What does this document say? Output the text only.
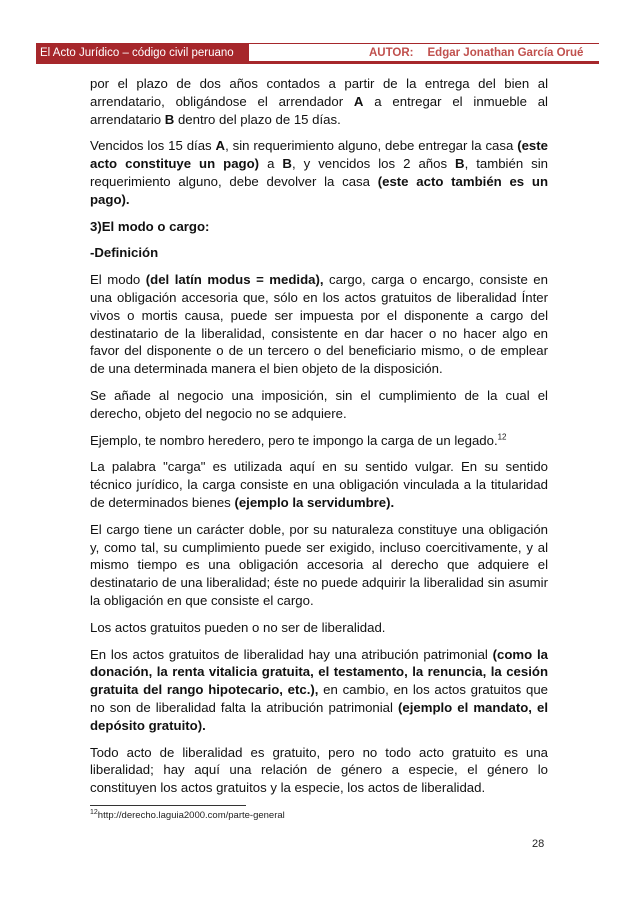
El Acto Jurídico – código civil peruano	AUTOR: Edgar Jonathan García Orué

por el plazo de dos años contados a partir de la entrega del bien al arrendatario, obligándose el arrendador A a entregar el inmueble al arrendatario B dentro del plazo de 15 días.

Vencidos los 15 días A, sin requerimiento alguno, debe entregar la casa (este acto constituye un pago) a B, y vencidos los 2 años B, también sin requerimiento alguno, debe devolver la casa (este acto también es un pago).

3)El modo o cargo:

-Definición

El modo (del latín modus = medida), cargo, carga o encargo, consiste en una obligación accesoria que, sólo en los actos gratuitos de liberalidad Ínter vivos o mortis causa, puede ser impuesta por el disponente a cargo del destinatario de la liberalidad, consistente en dar hacer o no hacer algo en favor del disponente o de un tercero o del beneficiario mismo, o de emplear de una determinada manera el bien objeto de la disposición.

Se añade al negocio una imposición, sin el cumplimiento de la cual el derecho, objeto del negocio no se adquiere.

Ejemplo, te nombro heredero, pero te impongo la carga de un legado.$^{12}$

La palabra "carga" es utilizada aquí en su sentido vulgar. En su sentido técnico jurídico, la carga consiste en una obligación vinculada a la titularidad de determinados bienes (ejemplo la servidumbre).

El cargo tiene un carácter doble, por su naturaleza constituye una obligación y, como tal, su cumplimiento puede ser exigido, incluso coercitivamente, y al mismo tiempo es una obligación accesoria al derecho que adquiere el destinatario de una liberalidad; éste no puede adquirir la liberalidad sin asumir la obligación en que consiste el cargo.

Los actos gratuitos pueden o no ser de liberalidad.

En los actos gratuitos de liberalidad hay una atribución patrimonial (como la donación, la renta vitalicia gratuita, el testamento, la renuncia, la cesión gratuita del rango hipotecario, etc.), en cambio, en los actos gratuitos que no son de liberalidad falta la atribución patrimonial (ejemplo el mandato, el depósito gratuito).

Todo acto de liberalidad es gratuito, pero no todo acto gratuito es una liberalidad; hay aquí una relación de género a especie, el género lo constituyen los actos gratuitos y la especie, los actos de liberalidad.

$^{12}$http://derecho.laguia2000.com/parte-general
28
